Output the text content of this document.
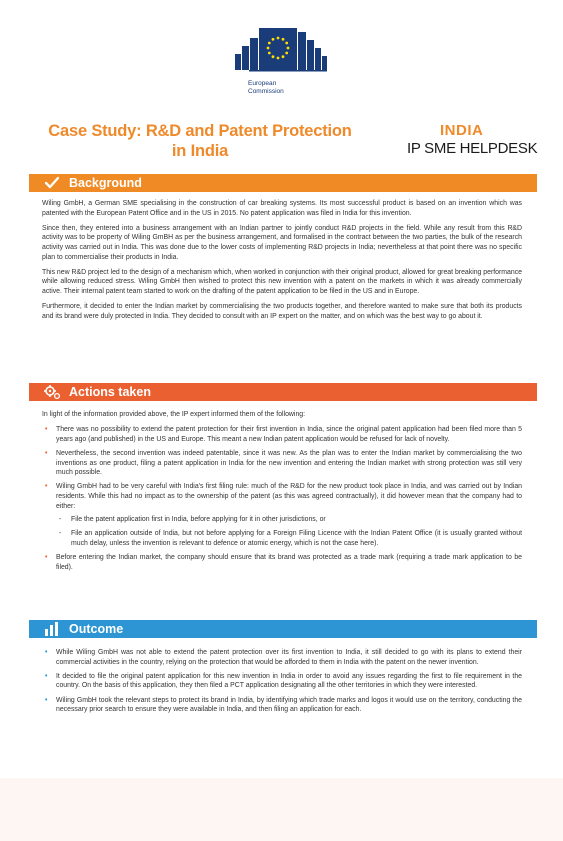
European
Commission
Case Study: R&D and Patent Protection
in India
INDIA
IP SME HELPDESK
Background

Wiling GmbH, a German SME specialising in the construction of car breaking systems. Its most successful product is based on an invention which was patented with the European Patent Office and in the US in 2015. No patent application was filed in India for this invention.

Since then, they entered into a business arrangement with an Indian partner to jointly conduct R&D projects in the field. While any result from this R&D activity was to be property of Wiling GmBH as per the business arrangement, and formalised in the contract between the two parties, the bulk of the research activity was carried out in India. This was done due to the lower costs of implementing R&D projects in India; nevertheless at that point there was no specific plan to commercialise their products in India.

This new R&D project led to the design of a mechanism which, when worked in conjunction with their original product, allowed for great breaking performance while allowing reduced stress. Wiling GmbH then wished to protect this new invention with a patent on the markets in which it was already commercially active. Their internal patent team started to work on the drafting of the patent application to be filed in the US and in Europe.

Furthermore, it decided to enter the Indian market by commercialising the two products together, and therefore wanted to make sure that both its products and its brand were duly protected in India. They decided to consult with an IP expert on the matter, and on which was the best way to go about it.

Actions taken

In light of the information provided above, the IP expert informed them of the following:

• There was no possibility to extend the patent protection for their first invention in India, since the original patent application had been filed more than 5 years ago (and published) in the US and Europe. This meant a new Indian patent application would be refused for lack of novelty.
• Nevertheless, the second invention was indeed patentable, since it was new. As the plan was to enter the Indian market by commercialising the two inventions as one product, filing a patent application in India for the new invention and entering the Indian market with strong protection was still very much possible.
• Wiling GmbH had to be very careful with India's first filing rule: much of the R&D for the new product took place in India, and was carried out by Indian residents. While this had no impact as to the ownership of the patent (as this was agreed contractually), it did however mean that the company had to either:
- File the patent application first in India, before applying for it in other jurisdictions, or
- File an application outside of India, but not before applying for a Foreign Filing Licence with the Indian Patent Office (it is usually granted without much delay, unless the invention is relevant to defence or atomic energy, which is not the case here).
• Before entering the Indian market, the company should ensure that its brand was protected as a trade mark (requiring a trade mark application to be filed).
Outcome
• While Wiling GmbH was not able to extend the patent protection over its first invention to India, it still decided to go with its plans to extend their commercial activities in the country, relying on the protection that would be afforded to them in India with the patent on the newer invention.
• It decided to file the original patent application for this new invention in India in order to avoid any issues regarding the first to file requirement in the country. On the basis of this application, they then filed a PCT application designating all the other territories in which they were interested.
• Wiling GmbH took the relevant steps to protect its brand in India, by identifying which trade marks and logos it would use on the territory, conducting the necessary prior search to ensure they were available in India, and then filing an application for each.
